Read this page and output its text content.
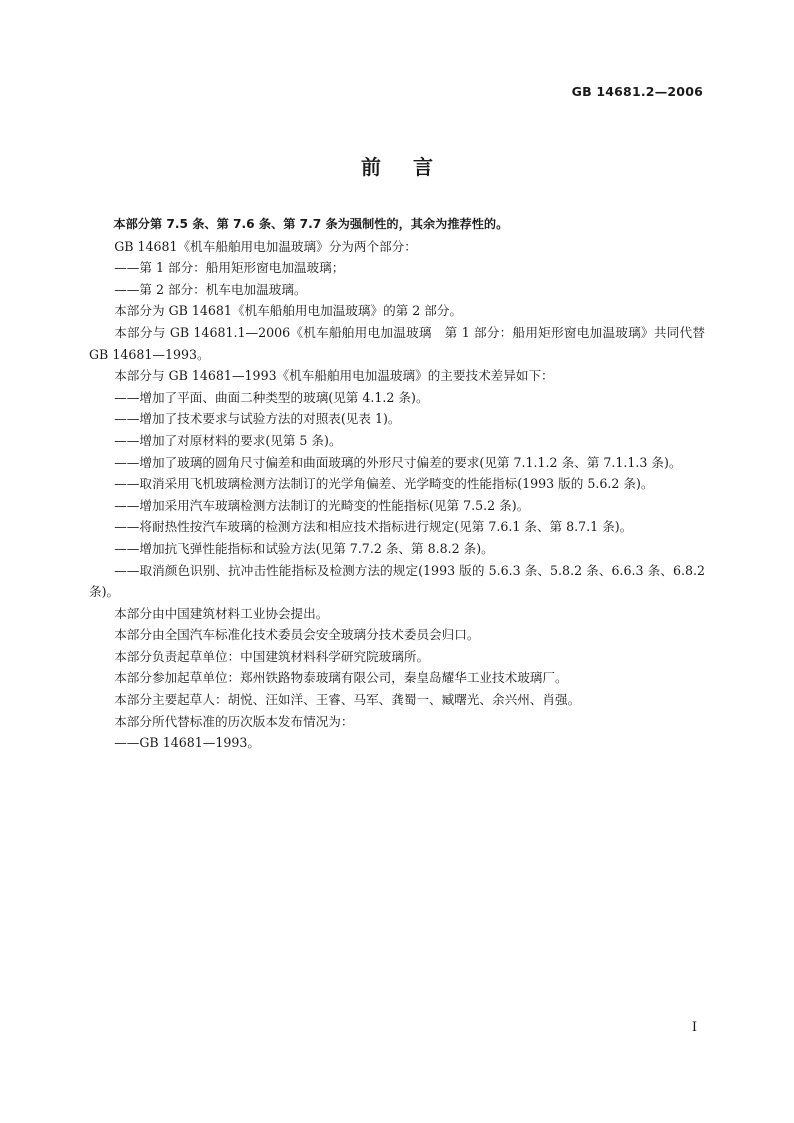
GB 14681.2—2006
前言

本部分第 7.5 条、第 7.6 条、第 7.7 条为强制性的，其余为推荐性的。

GB 14681《机车船舶用电加温玻璃》分为两个部分：

——第 1 部分：船用矩形窗电加温玻璃；

——第 2 部分：机车电加温玻璃。

本部分为 GB 14681《机车船舶用电加温玻璃》的第 2 部分。

本部分与 GB 14681.1—2006《机车船舶用电加温玻璃　第 1 部分：船用矩形窗电加温玻璃》共同代替 GB 14681—1993。

本部分与 GB 14681—1993《机车船舶用电加温玻璃》的主要技术差异如下：

——增加了平面、曲面二种类型的玻璃(见第 4.1.2 条)。

——增加了技术要求与试验方法的对照表(见表 1)。

——增加了对原材料的要求(见第 5 条)。

——增加了玻璃的圆角尺寸偏差和曲面玻璃的外形尺寸偏差的要求(见第 7.1.1.2 条、第 7.1.1.3 条)。

——取消采用飞机玻璃检测方法制订的光学角偏差、光学畸变的性能指标(1993 版的 5.6.2 条)。

——增加采用汽车玻璃检测方法制订的光畸变的性能指标(见第 7.5.2 条)。

——将耐热性按汽车玻璃的检测方法和相应技术指标进行规定(见第 7.6.1 条、第 8.7.1 条)。

——增加抗飞弹性能指标和试验方法(见第 7.7.2 条、第 8.8.2 条)。

——取消颜色识别、抗冲击性能指标及检测方法的规定(1993 版的 5.6.3 条、5.8.2 条、6.6.3 条、6.8.2 条)。

本部分由中国建筑材料工业协会提出。

本部分由全国汽车标准化技术委员会安全玻璃分技术委员会归口。

本部分负责起草单位：中国建筑材料科学研究院玻璃所。

本部分参加起草单位：郑州铁路物泰玻璃有限公司，秦皇岛耀华工业技术玻璃厂。

本部分主要起草人：胡悦、汪如洋、王睿、马军、龚蜀一、臧曙光、余兴州、肖强。

本部分所代替标准的历次版本发布情况为：

——GB 14681—1993。

I
